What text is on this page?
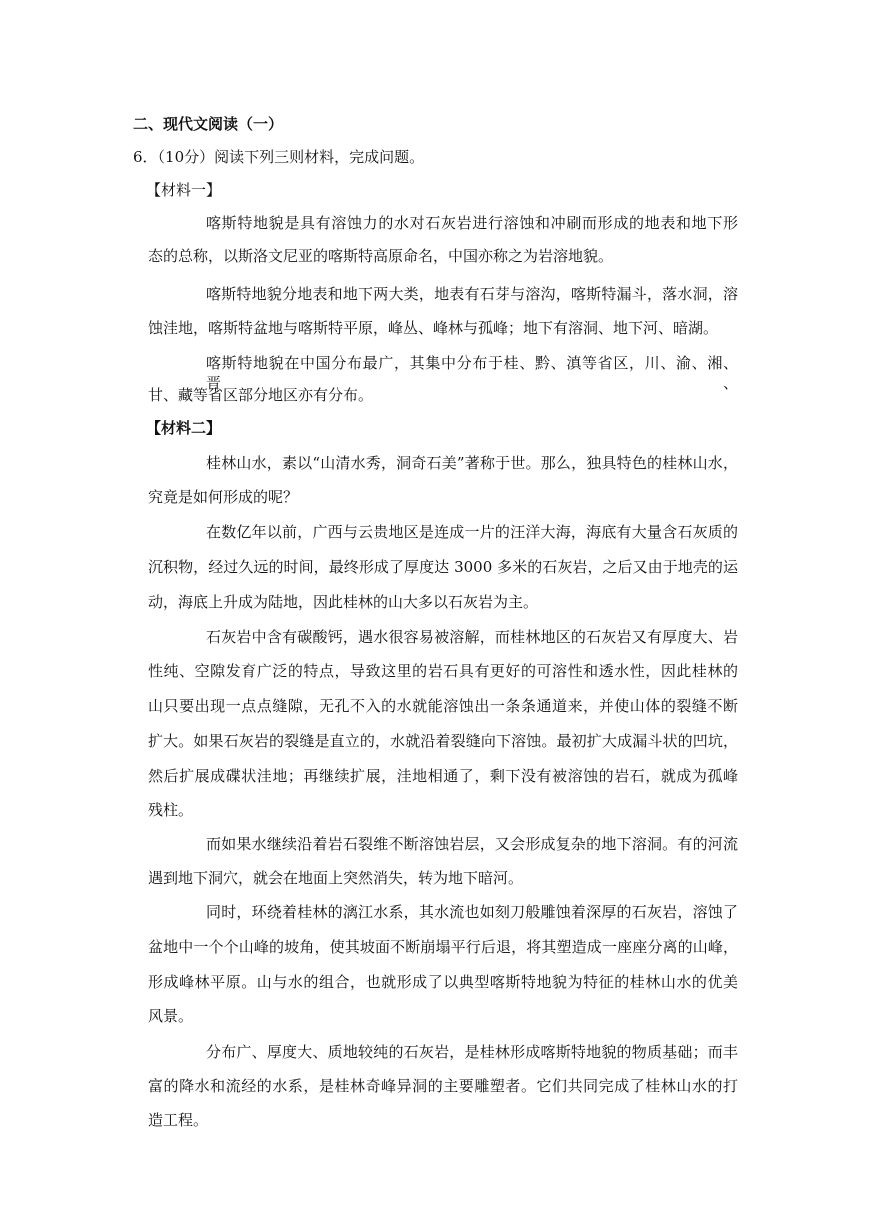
二、现代文阅读（一）
6．（10分）阅读下列三则材料，完成问题。
【材料一】
喀斯特地貌是具有溶蚀力的水对石灰岩进行溶蚀和冲刷而形成的地表和地下形
态的总称，以斯洛文尼亚的喀斯特高原命名，中国亦称之为岩溶地貌。
喀斯特地貌分地表和地下两大类，地表有石芽与溶沟，喀斯特漏斗，落水洞，溶
蚀洼地，喀斯特盆地与喀斯特平原，峰丛、峰林与孤峰；地下有溶洞、地下河、暗湖。
喀斯特地貌在中国分布最广，其集中分布于桂、黔、滇等省区，川、渝、湘、晋、
甘、藏等省区部分地区亦有分布。
【材料二】
桂林山水，素以“山清水秀，洞奇石美”著称于世。那么，独具特色的桂林山水，
究竟是如何形成的呢？
在数亿年以前，广西与云贵地区是连成一片的汪洋大海，海底有大量含石灰质的
沉积物，经过久远的时间，最终形成了厚度达 3000 多米的石灰岩，之后又由于地壳的运
动，海底上升成为陆地，因此桂林的山大多以石灰岩为主。
石灰岩中含有碳酸钙，遇水很容易被溶解，而桂林地区的石灰岩又有厚度大、岩
性纯、空隙发育广泛的特点，导致这里的岩石具有更好的可溶性和透水性，因此桂林的
山只要出现一点点缝隙，无孔不入的水就能溶蚀出一条条通道来，并使山体的裂缝不断
扩大。如果石灰岩的裂缝是直立的，水就沿着裂缝向下溶蚀。最初扩大成漏斗状的凹坑，
然后扩展成碟状洼地；再继续扩展，洼地相通了，剩下没有被溶蚀的岩石，就成为孤峰
残柱。
而如果水继续沿着岩石裂维不断溶蚀岩层，又会形成复杂的地下溶洞。有的河流
遇到地下洞穴，就会在地面上突然消失，转为地下暗河。
同时，环绕着桂林的漓江水系，其水流也如刻刀般雕蚀着深厚的石灰岩，溶蚀了
盆地中一个个山峰的坡角，使其坡面不断崩塌平行后退，将其塑造成一座座分离的山峰，
形成峰林平原。山与水的组合，也就形成了以典型喀斯特地貌为特征的桂林山水的优美
风景。
分布广、厚度大、质地较纯的石灰岩，是桂林形成喀斯特地貌的物质基础；而丰
富的降水和流经的水系，是桂林奇峰异洞的主要雕塑者。它们共同完成了桂林山水的打
造工程。
